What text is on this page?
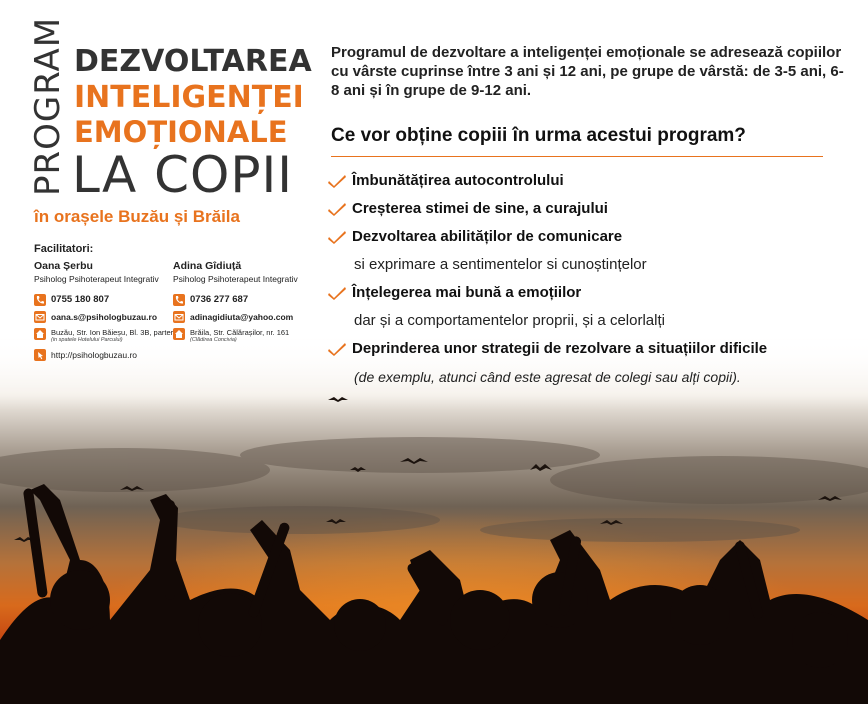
PROGRAM DEZVOLTAREA
INTELIGENȚEI
EMOȚIONALE
LA COPII
în orașele Buzău și Brăila
Facilitatori:
Oana Șerbu
Psiholog Psihoterapeut Integrativ
0755 180 807
oana.s@psihologbuzau.ro
Buzău, Str. Ion Băieșu, Bl. 3B, parter
(in spatele Hotelului Parcului)
http://psihologbuzau.ro
Adina Gîdiuță
Psiholog Psihoterapeut Integrativ
0736 277 687
adinagidiuta@yahoo.com
Brăila, Str. Călărașilor, nr. 161
(Clădirea Concivia)
Programul de dezvoltare a inteligenței emoționale se adresează copiilor cu vârste cuprinse între 3 ani și 12 ani, pe grupe de vârstă: de 3-5 ani, 6-8 ani și în grupe de 9-12 ani.
Ce vor obține copiii în urma acestui program?
Îmbunătățirea autocontrolului
Creșterea stimei de sine, a curajului
Dezvoltarea abilităților de comunicare
si exprimare a sentimentelor si cunoștințelor
Înțelegerea mai bună a emoțiilor
dar și a comportamentelor proprii, și a celorlalți
Deprinderea unor strategii de rezolvare a situațiilor dificile
(de exemplu, atunci când este agresat de colegi sau alți copii).
